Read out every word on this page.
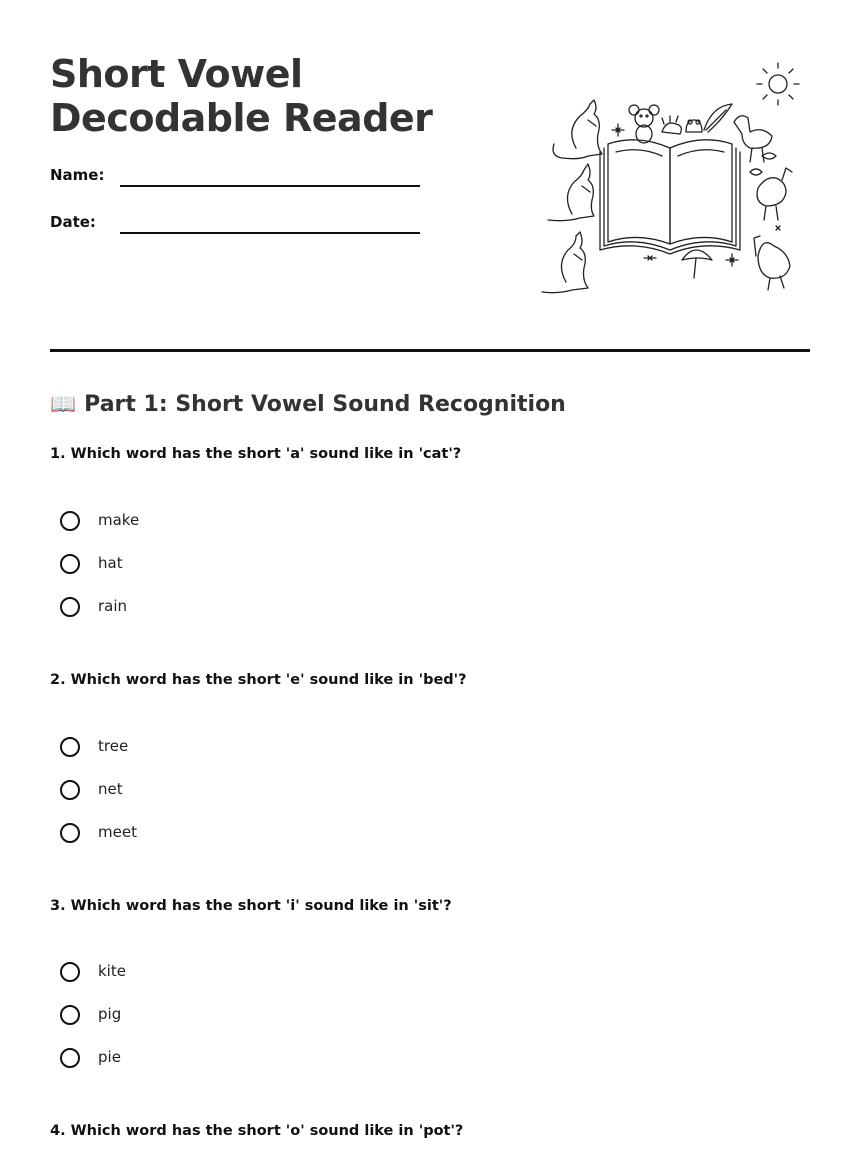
Short Vowel Decodable Reader
Name:
Date:
📖 Part 1: Short Vowel Sound Recognition

1. Which word has the short 'a' sound like in 'cat'?

make
hat
rain

2. Which word has the short 'e' sound like in 'bed'?

tree
net
meet

3. Which word has the short 'i' sound like in 'sit'?

kite
pig
pie

4. Which word has the short 'o' sound like in 'pot'?
